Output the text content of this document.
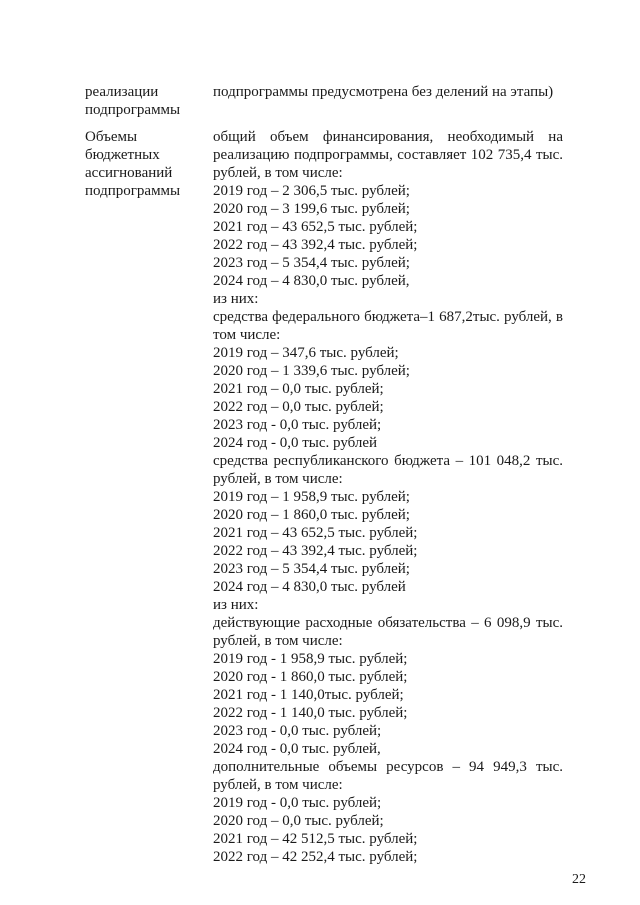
реализации
подпрограммы
подпрограммы предусмотрена без делений на этапы)
Объемы
бюджетных
ассигнований
подпрограммы
общий объем финансирования, необходимый на
реализацию подпрограммы, составляет 102 735,4 тыс.
рублей, в том числе:
2019 год – 2 306,5 тыс. рублей;
2020 год – 3 199,6 тыс. рублей;
2021 год – 43 652,5 тыс. рублей;
2022 год – 43 392,4 тыс. рублей;
2023 год – 5 354,4 тыс. рублей;
2024 год – 4 830,0 тыс. рублей,
из них:
средства федерального бюджета–1 687,2тыс. рублей, в
том числе:
2019 год – 347,6 тыс. рублей;
2020 год – 1 339,6 тыс. рублей;
2021 год – 0,0 тыс. рублей;
2022 год – 0,0 тыс. рублей;
2023 год - 0,0 тыс. рублей;
2024 год - 0,0 тыс. рублей
средства республиканского бюджета – 101 048,2 тыс.
рублей, в том числе:
2019 год – 1 958,9 тыс. рублей;
2020 год – 1 860,0 тыс. рублей;
2021 год – 43 652,5 тыс. рублей;
2022 год – 43 392,4 тыс. рублей;
2023 год – 5 354,4 тыс. рублей;
2024 год – 4 830,0 тыс. рублей
из них:
действующие расходные обязательства – 6 098,9 тыс.
рублей, в том числе:
2019 год - 1 958,9 тыс. рублей;
2020 год - 1 860,0 тыс. рублей;
2021 год - 1 140,0тыс. рублей;
2022 год - 1 140,0 тыс. рублей;
2023 год - 0,0 тыс. рублей;
2024 год - 0,0 тыс. рублей,
дополнительные объемы ресурсов – 94 949,3 тыс.
рублей, в том числе:
2019 год - 0,0 тыс. рублей;
2020 год – 0,0 тыс. рублей;
2021 год – 42 512,5 тыс. рублей;
2022 год – 42 252,4 тыс. рублей;
22
